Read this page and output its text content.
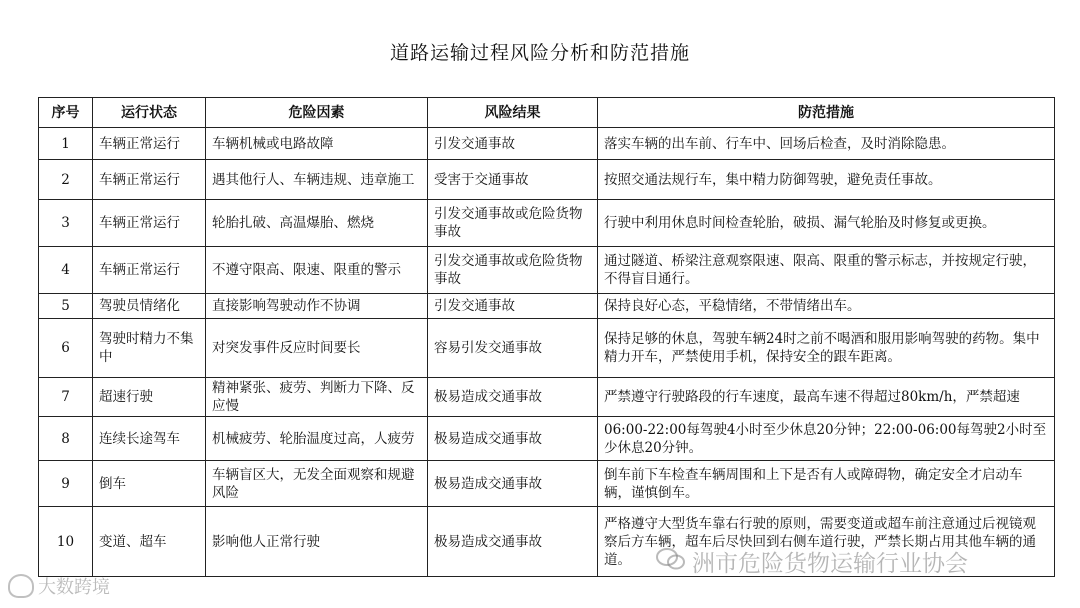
道路运输过程风险分析和防范措施
序号	运行状态	危险因素	风险结果	防范措施
1	车辆正常运行	车辆机械或电路故障	引发交通事故	落实车辆的出车前、行车中、回场后检查，及时消除隐患。
2	车辆正常运行	遇其他行人、车辆违规、违章施工	受害于交通事故	按照交通法规行车，集中精力防御驾驶，避免责任事故。
3	车辆正常运行	轮胎扎破、高温爆胎、燃烧	引发交通事故或危险货物事故	行驶中利用休息时间检查轮胎，破损、漏气轮胎及时修复或更换。
4	车辆正常运行	不遵守限高、限速、限重的警示	引发交通事故或危险货物事故	通过隧道、桥梁注意观察限速、限高、限重的警示标志，并按规定行驶，不得盲目通行。
5	驾驶员情绪化	直接影响驾驶动作不协调	引发交通事故	保持良好心态，平稳情绪，不带情绪出车。
6	驾驶时精力不集中	对突发事件反应时间要长	容易引发交通事故	保持足够的休息，驾驶车辆24时之前不喝酒和服用影响驾驶的药物。集中精力开车，严禁使用手机，保持安全的跟车距离。
7	超速行驶	精神紧张、疲劳、判断力下降、反应慢	极易造成交通事故	严禁遵守行驶路段的行车速度，最高车速不得超过80km/h，严禁超速
8	连续长途驾车	机械疲劳、轮胎温度过高，人疲劳	极易造成交通事故	06:00-22:00每驾驶4小时至少休息20分钟；22:00-06:00每驾驶2小时至少休息20分钟。
9	倒车	车辆盲区大，无发全面观察和规避风险	极易造成交通事故	倒车前下车检查车辆周围和上下是否有人或障碍物，确定安全才启动车辆，谨慎倒车。
10	变道、超车	影响他人正常行驶	极易造成交通事故	严格遵守大型货车靠右行驶的原则，需要变道或超车前注意通过后视镜观察后方车辆，超车后尽快回到右侧车道行驶，严禁长期占用其他车辆的通道。
大数跨境
洲市危险货物运输行业协会
